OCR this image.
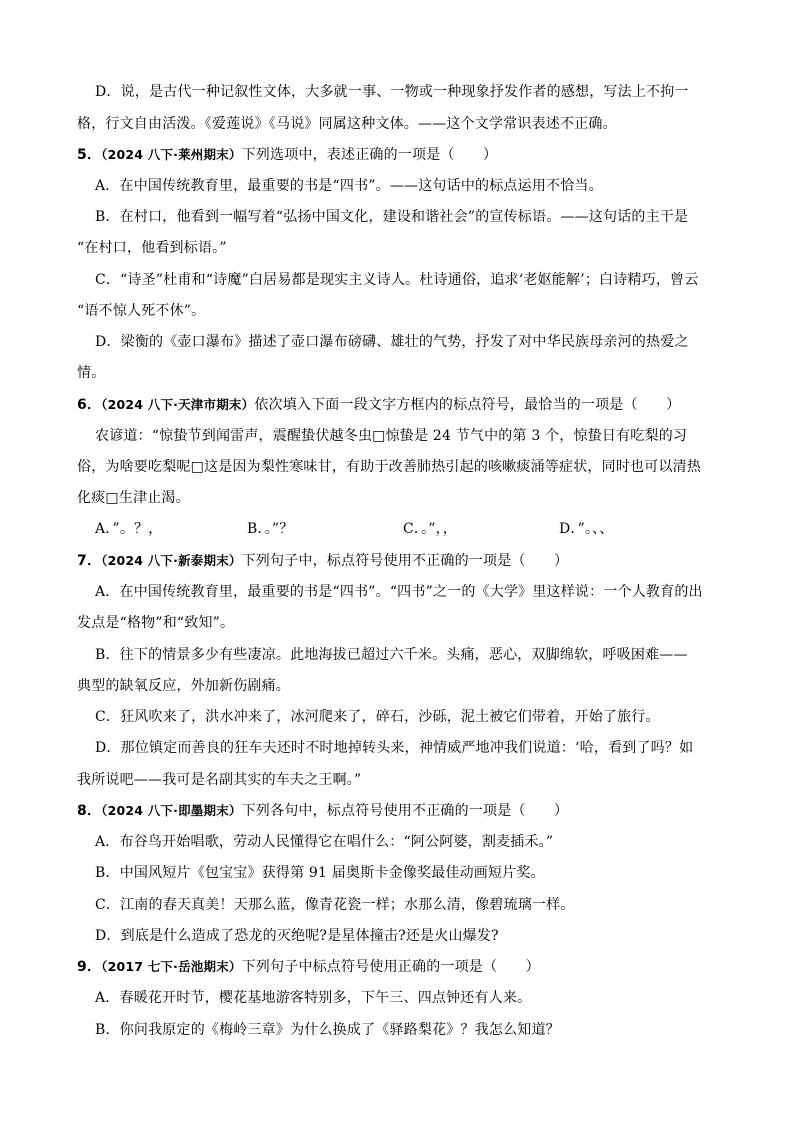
D．说，是古代一种记叙性文体，大多就一事、一物或一种现象抒发作者的感想，写法上不拘一
格，行文自由活泼。《爱莲说》《马说》同属这种文体。——这个文学常识表述不正确。
5．（2024 八下·莱州期末）下列选项中，表述正确的一项是（　　）
A．在中国传统教育里，最重要的书是“四书”。——这句话中的标点运用不恰当。
B．在村口，他看到一幅写着“弘扬中国文化，建设和谐社会”的宣传标语。——这句话的主干是
“在村口，他看到标语。”
C．“诗圣”杜甫和“诗魔”白居易都是现实主义诗人。杜诗通俗，追求‘老妪能解’；白诗精巧，曾云
“语不惊人死不休”。
D．梁衡的《壶口瀑布》描述了壶口瀑布磅礴、雄壮的气势，抒发了对中华民族母亲河的热爱之
情。
6．（2024 八下·天津市期末）依次填入下面一段文字方框内的标点符号，最恰当的一项是（　　）
农谚道：“惊蛰节到闻雷声，震醒蛰伏越冬虫□惊蛰是 24 节气中的第 3 个，惊蛰日有吃梨的习
俗，为啥要吃梨呢□这是因为梨性寒味甘，有助于改善肺热引起的咳嗽痰涌等症状，同时也可以清热
化痰□生津止渴。
A．”。？，	B．。”？	C．。”，，	D．”。、、
7．（2024 八下·新泰期末）下列句子中，标点符号使用不正确的一项是（　　）
A．在中国传统教育里，最重要的书是“四书”。“四书”之一的《大学》里这样说：一个人教育的出
发点是“格物”和“致知”。
B．往下的情景多少有些凄凉。此地海拔已超过六千米。头痛，恶心，双脚绵软，呼吸困难——
典型的缺氧反应，外加新伤剧痛。
C．狂风吹来了，洪水冲来了，冰河爬来了，碎石，沙砾，泥土被它们带着，开始了旅行。
D．那位镇定而善良的狂车夫还时不时地掉转头来，神情威严地冲我们说道：‘哈，看到了吗？如
我所说吧——我可是名副其实的车夫之王啊。”
8．（2024 八下·即墨期末）下列各句中，标点符号使用不正确的一项是（　　）
A．布谷鸟开始唱歌，劳动人民懂得它在唱什么：“阿公阿婆，割麦插禾。”
B．中国风短片《包宝宝》获得第 91 届奥斯卡金像奖最佳动画短片奖。
C．江南的春天真美！天那么蓝，像青花瓷一样；水那么清，像碧琉璃一样。
D．到底是什么造成了恐龙的灭绝呢?是星体撞击?还是火山爆发?
9．（2017 七下·岳池期末）下列句子中标点符号使用正确的一项是（　　）
A．春暖花开时节，樱花基地游客特别多，下午三、四点钟还有人来。
B．你问我原定的《梅岭三章》为什么换成了《驿路梨花》？我怎么知道？
